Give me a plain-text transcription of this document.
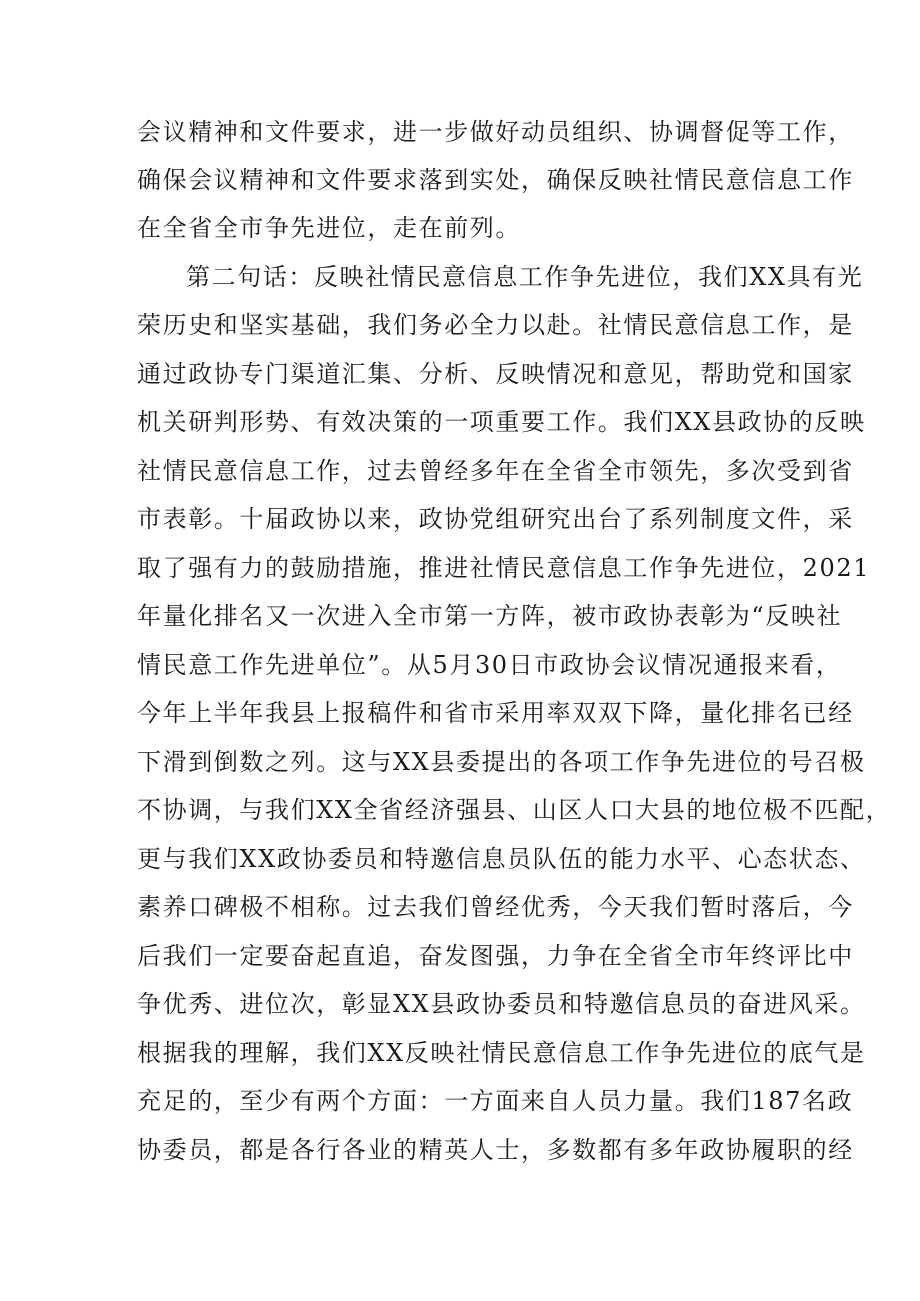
会议精神和文件要求，进一步做好动员组织、协调督促等工作，
确保会议精神和文件要求落到实处，确保反映社情民意信息工作
在全省全市争先进位，走在前列。
第二句话：反映社情民意信息工作争先进位，我们XX具有光
荣历史和坚实基础，我们务必全力以赴。社情民意信息工作，是
通过政协专门渠道汇集、分析、反映情况和意见，帮助党和国家
机关研判形势、有效决策的一项重要工作。我们XX县政协的反映
社情民意信息工作，过去曾经多年在全省全市领先，多次受到省
市表彰。十届政协以来，政协党组研究出台了系列制度文件，采
取了强有力的鼓励措施，推进社情民意信息工作争先进位，2021
年量化排名又一次进入全市第一方阵，被市政协表彰为“反映社
情民意工作先进单位”。从5月30日市政协会议情况通报来看，
今年上半年我县上报稿件和省市采用率双双下降，量化排名已经
下滑到倒数之列。这与XX县委提出的各项工作争先进位的号召极
不协调，与我们XX全省经济强县、山区人口大县的地位极不匹配，
更与我们XX政协委员和特邀信息员队伍的能力水平、心态状态、
素养口碑极不相称。过去我们曾经优秀，今天我们暂时落后，今
后我们一定要奋起直追，奋发图强，力争在全省全市年终评比中
争优秀、进位次，彰显XX县政协委员和特邀信息员的奋进风采。
根据我的理解，我们XX反映社情民意信息工作争先进位的底气是
充足的，至少有两个方面：一方面来自人员力量。我们187名政
协委员，都是各行各业的精英人士，多数都有多年政协履职的经
